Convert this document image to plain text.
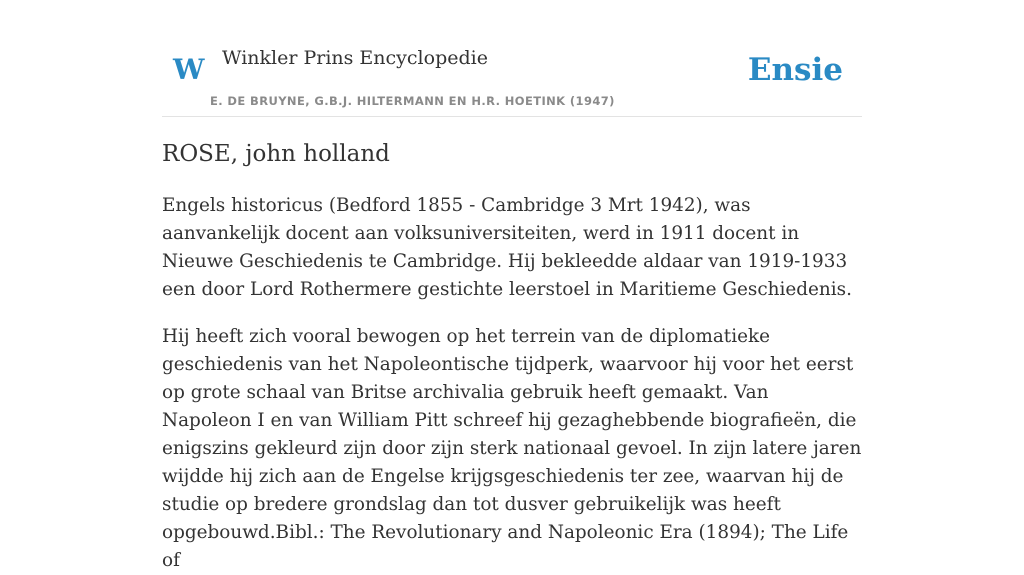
W Winkler Prins Encyclopedie
E. DE BRUYNE, G.B.J. HILTERMANN EN H.R. HOETINK (1947)
Ensie
ROSE, john holland

Engels historicus (Bedford 1855 - Cambridge 3 Mrt 1942), was aanvankelijk docent aan volksuniversiteiten, werd in 1911 docent in Nieuwe Geschiedenis te Cambridge. Hij bekleedde aldaar van 1919-1933 een door Lord Rothermere gestichte leerstoel in Maritieme Geschiedenis.

Hij heeft zich vooral bewogen op het terrein van de diplomatieke geschiedenis van het Napoleontische tijdperk, waarvoor hij voor het eerst op grote schaal van Britse archivalia gebruik heeft gemaakt. Van Napoleon I en van William Pitt schreef hij gezaghebbende biografieën, die enigszins gekleurd zijn door zijn sterk nationaal gevoel. In zijn latere jaren wijdde hij zich aan de Engelse krijgsgeschiedenis ter zee, waarvan hij de studie op bredere grondslag dan tot dusver gebruikelijk was heeft opgebouwd.Bibl.: The Revolutionary and Napoleonic Era (1894); The Life of
